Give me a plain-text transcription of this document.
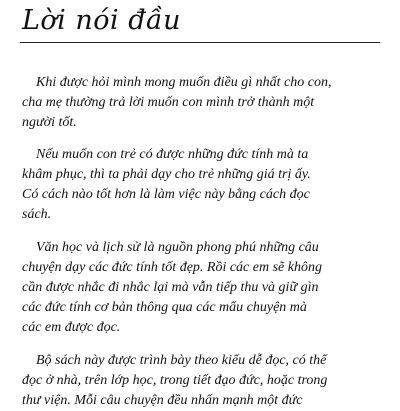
Lời nói đầu
Khi được hỏi mình mong muốn điều gì nhất cho con,
cha mẹ thường trả lời muốn con mình trở thành một
người tốt.
Nếu muốn con trẻ có được những đức tính mà ta
khâm phục, thì ta phải dạy cho trẻ những giá trị ấy.
Có cách nào tốt hơn là làm việc này bằng cách đọc
sách.
Văn học và lịch sử là nguồn phong phú những câu
chuyện dạy các đức tính tốt đẹp. Rồi các em sẽ không
cần được nhắc đi nhắc lại mà vẫn tiếp thu và giữ gìn
các đức tính cơ bản thông qua các mẩu chuyện mà
các em được đọc.
Bộ sách này được trình bày theo kiểu dễ đọc, có thể
đọc ở nhà, trên lớp học, trong tiết đạo đức, hoặc trong
thư viện. Mỗi câu chuyện đều nhấn mạnh một đức
